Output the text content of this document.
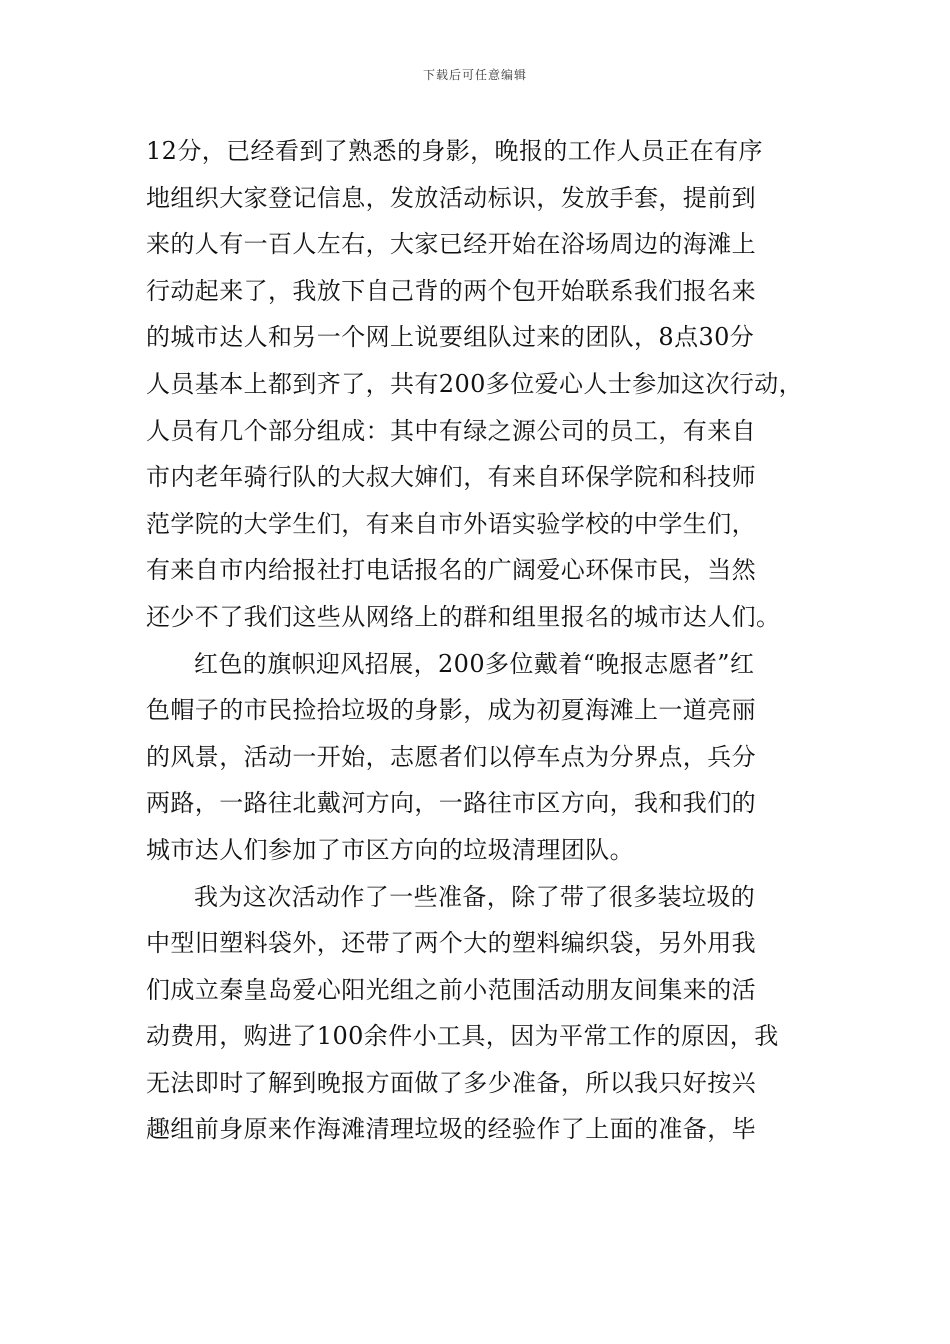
下载后可任意编辑
12分，已经看到了熟悉的身影，晚报的工作人员正在有序
地组织大家登记信息，发放活动标识，发放手套，提前到
来的人有一百人左右，大家已经开始在浴场周边的海滩上
行动起来了，我放下自己背的两个包开始联系我们报名来
的城市达人和另一个网上说要组队过来的团队，8点30分
人员基本上都到齐了，共有200多位爱心人士参加这次行动，
人员有几个部分组成：其中有绿之源公司的员工，有来自
市内老年骑行队的大叔大婶们，有来自环保学院和科技师
范学院的大学生们，有来自市外语实验学校的中学生们，
有来自市内给报社打电话报名的广阔爱心环保市民，当然
还少不了我们这些从网络上的群和组里报名的城市达人们。
红色的旗帜迎风招展，200多位戴着“晚报志愿者”红
色帽子的市民捡拾垃圾的身影，成为初夏海滩上一道亮丽
的风景，活动一开始，志愿者们以停车点为分界点，兵分
两路，一路往北戴河方向，一路往市区方向，我和我们的
城市达人们参加了市区方向的垃圾清理团队。
我为这次活动作了一些准备，除了带了很多装垃圾的
中型旧塑料袋外，还带了两个大的塑料编织袋，另外用我
们成立秦皇岛爱心阳光组之前小范围活动朋友间集来的活
动费用，购进了100余件小工具，因为平常工作的原因，我
无法即时了解到晚报方面做了多少准备，所以我只好按兴
趣组前身原来作海滩清理垃圾的经验作了上面的准备，毕
